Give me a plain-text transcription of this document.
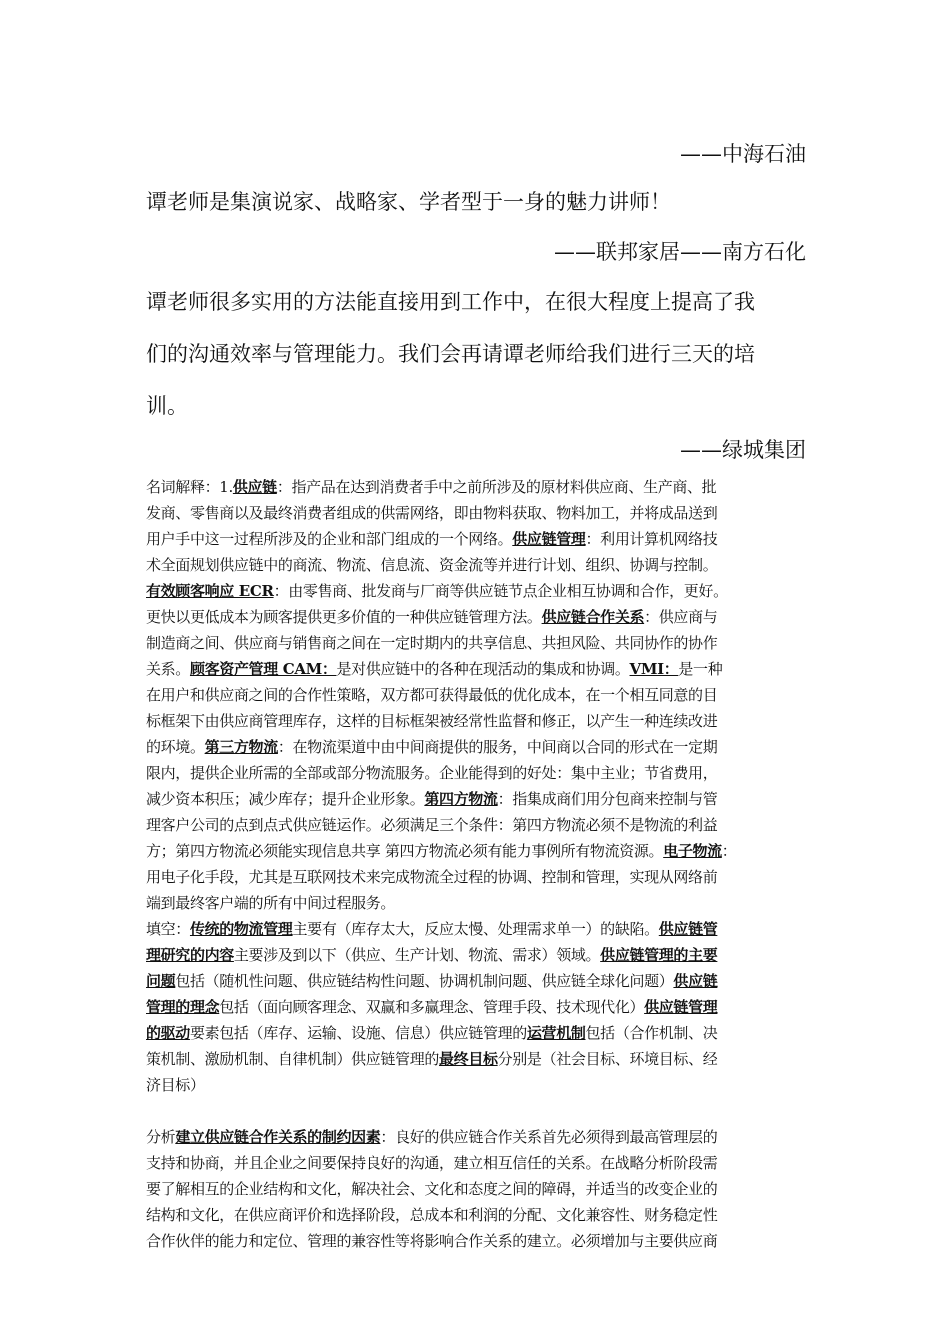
——中海石油
谭老师是集演说家、战略家、学者型于一身的魅力讲师！
——联邦家居——南方石化
谭老师很多实用的方法能直接用到工作中，在很大程度上提高了我
们的沟通效率与管理能力。我们会再请谭老师给我们进行三天的培
训。
——绿城集团
名词解释：1.供应链：指产品在达到消费者手中之前所涉及的原材料供应商、生产商、批
发商、零售商以及最终消费者组成的供需网络，即由物料获取、物料加工，并将成品送到
用户手中这一过程所涉及的企业和部门组成的一个网络。供应链管理：利用计算机网络技
术全面规划供应链中的商流、物流、信息流、资金流等并进行计划、组织、协调与控制。
有效顾客响应 ECR：由零售商、批发商与厂商等供应链节点企业相互协调和合作，更好。
更快以更低成本为顾客提供更多价值的一种供应链管理方法。供应链合作关系：供应商与
制造商之间、供应商与销售商之间在一定时期内的共享信息、共担风险、共同协作的协作
关系。顾客资产管理 CAM：是对供应链中的各种在现活动的集成和协调。VMI：是一种
在用户和供应商之间的合作性策略，双方都可获得最低的优化成本，在一个相互同意的目
标框架下由供应商管理库存，这样的目标框架被经常性监督和修正，以产生一种连续改进
的环境。第三方物流：在物流渠道中由中间商提供的服务，中间商以合同的形式在一定期
限内，提供企业所需的全部或部分物流服务。企业能得到的好处：集中主业；节省费用，
减少资本积压；减少库存；提升企业形象。第四方物流：指集成商们用分包商来控制与管
理客户公司的点到点式供应链运作。必须满足三个条件：第四方物流必须不是物流的利益
方；第四方物流必须能实现信息共享 第四方物流必须有能力事例所有物流资源。电子物流：
用电子化手段，尤其是互联网技术来完成物流全过程的协调、控制和管理，实现从网络前
端到最终客户端的所有中间过程服务。
填空：传统的物流管理主要有（库存太大，反应太慢、处理需求单一）的缺陷。供应链管
理研究的内容主要涉及到以下（供应、生产计划、物流、需求）领域。供应链管理的主要
问题包括（随机性问题、供应链结构性问题、协调机制问题、供应链全球化问题）供应链
管理的理念包括（面向顾客理念、双赢和多赢理念、管理手段、技术现代化）供应链管理
的驱动要素包括（库存、运输、设施、信息）供应链管理的运营机制包括（合作机制、决
策机制、激励机制、自律机制）供应链管理的最终目标分别是（社会目标、环境目标、经
济目标）
分析建立供应链合作关系的制约因素：良好的供应链合作关系首先必须得到最高管理层的
支持和协商，并且企业之间要保持良好的沟通，建立相互信任的关系。在战略分析阶段需
要了解相互的企业结构和文化，解决社会、文化和态度之间的障碍，并适当的改变企业的
结构和文化，在供应商评价和选择阶段，总成本和利润的分配、文化兼容性、财务稳定性
合作伙伴的能力和定位、管理的兼容性等将影响合作关系的建立。必须增加与主要供应商
